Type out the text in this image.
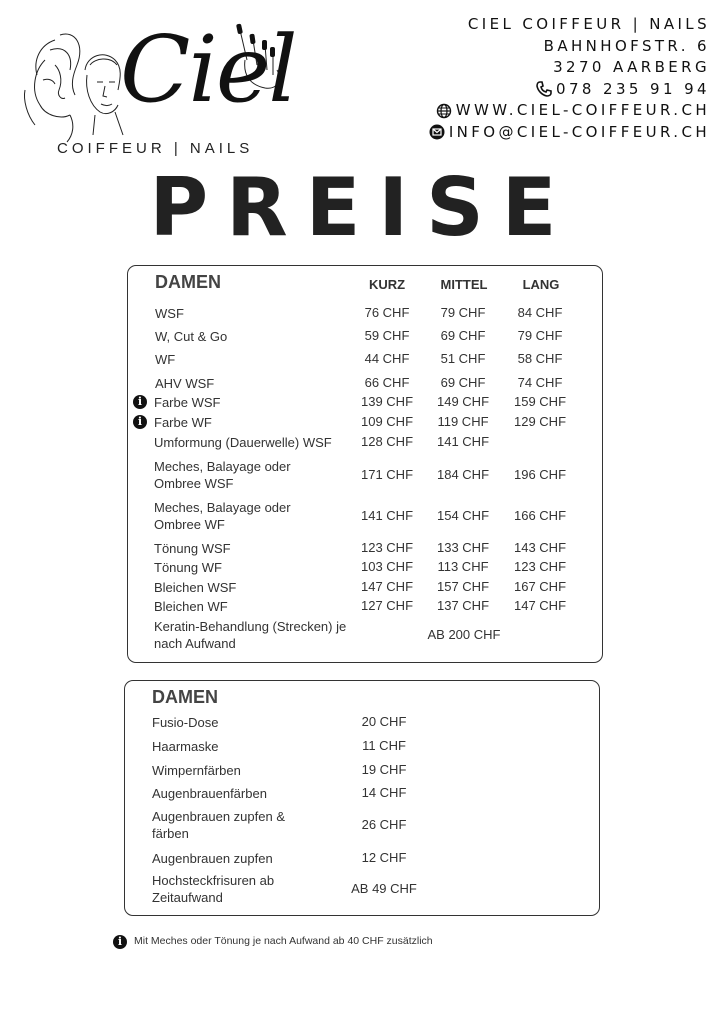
Ciel
COIFFEUR | NAILS
CIEL COIFFEUR | NAILS
BAHNHOFSTR. 6
3270 AARBERG
078 235 91 94
WWW.CIEL-COIFFEUR.CH
INFO@CIEL-COIFFEUR.CH
PREISE
DAMEN	KURZ	MITTEL	LANG
WSF	76 CHF	79 CHF	84 CHF
W, Cut & Go	59 CHF	69 CHF	79 CHF
WF	44 CHF	51 CHF	58 CHF
AHV WSF	66 CHF	69 CHF	74 CHF
Farbe WSF
i	139 CHF	149 CHF	159 CHF
Farbe WF
i	109 CHF	119 CHF	129 CHF
Umformung (Dauerwelle) WSF	128 CHF	141 CHF
Meches, Balayage oder Ombree WSF
171 CHF	184 CHF	196 CHF
Meches, Balayage oder Ombree WF
141 CHF	154 CHF	166 CHF
Tönung WSF	123 CHF	133 CHF	143 CHF
Tönung WF	103 CHF	113 CHF	123 CHF
Bleichen WSF	147 CHF	157 CHF	167 CHF
Bleichen WF	127 CHF	137 CHF	147 CHF
Keratin-Behandlung (Strecken) je nach Aufwand
AB 200 CHF
DAMEN
Fusio-Dose	20 CHF
Haarmaske	11 CHF
Wimpernfärben	19 CHF
Augenbrauenfärben	14 CHF
Augenbrauen zupfen & färben
26 CHF
Augenbrauen zupfen	12 CHF
Hochsteckfrisuren ab Zeitaufwand
AB 49 CHF
i	Mit Meches oder Tönung je nach Aufwand ab 40 CHF zusätzlich
